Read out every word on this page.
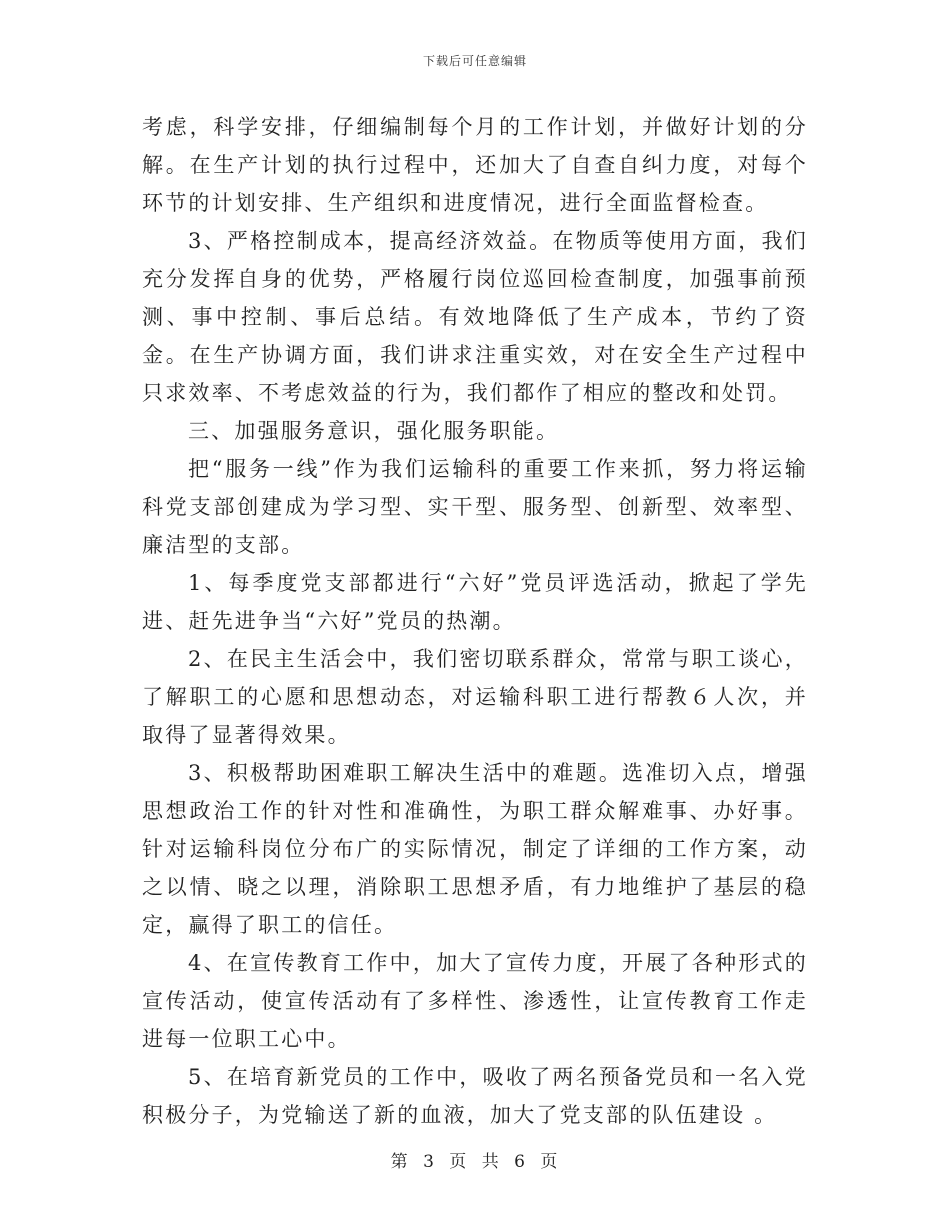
下载后可任意编辑

考虑，科学安排，仔细编制每个月的工作计划，并做好计划的分解。在生产计划的执行过程中，还加大了自查自纠力度，对每个环节的计划安排、生产组织和进度情况，进行全面监督检查。

3、严格控制成本，提高经济效益。在物质等使用方面，我们充分发挥自身的优势，严格履行岗位巡回检查制度，加强事前预测、事中控制、事后总结。有效地降低了生产成本，节约了资金。在生产协调方面，我们讲求注重实效，对在安全生产过程中只求效率、不考虑效益的行为，我们都作了相应的整改和处罚。

三、加强服务意识，强化服务职能。

把“服务一线”作为我们运输科的重要工作来抓，努力将运输科党支部创建成为学习型、实干型、服务型、创新型、效率型、廉洁型的支部。

1、每季度党支部都进行“六好”党员评选活动，掀起了学先进、赶先进争当“六好”党员的热潮。

2、在民主生活会中，我们密切联系群众，常常与职工谈心，了解职工的心愿和思想动态，对运输科职工进行帮教６人次，并取得了显著得效果。

3、积极帮助困难职工解决生活中的难题。选准切入点，增强思想政治工作的针对性和准确性，为职工群众解难事、办好事。针对运输科岗位分布广的实际情况，制定了详细的工作方案，动之以情、晓之以理，消除职工思想矛盾，有力地维护了基层的稳定，赢得了职工的信任。

4、在宣传教育工作中，加大了宣传力度，开展了各种形式的宣传活动，使宣传活动有了多样性、渗透性，让宣传教育工作走进每一位职工心中。

5、在培育新党员的工作中，吸收了两名预备党员和一名入党积极分子，为党输送了新的血液，加大了党支部的队伍建设 。

第 3 页 共 6 页
